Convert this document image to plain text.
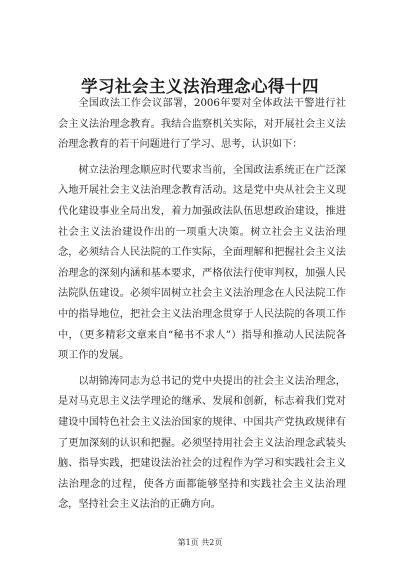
学习社会主义法治理念心得十四

全国政法工作会议部署，2006年要对全体政法干警进行社会主义法治理念教育。我结合监察机关实际，对开展社会主义法治理念教育的若干问题进行了学习、思考，认识如下：

树立法治理念顺应时代要求当前，全国政法系统正在广泛深入地开展社会主义法治理念教育活动。这是党中央从社会主义现代化建设事业全局出发，着力加强政法队伍思想政治建设，推进社会主义法治建设作出的一项重大决策。树立社会主义法治理念，必须结合人民法院的工作实际，全面理解和把握社会主义法治理念的深刻内涵和基本要求，严格依法行使审判权，加强人民法院队伍建设。必须牢固树立社会主义法治理念在人民法院工作中的指导地位，把社会主义法治理念贯穿于人民法院的各项工作中，（更多精彩文章来自“秘书不求人”）指导和推动人民法院各项工作的发展。

以胡锦涛同志为总书记的党中央提出的社会主义法治理念，是对马克思主义法学理论的继承、发展和创新，标志着我们党对建设中国特色社会主义法治国家的规律、中国共产党执政规律有了更加深刻的认识和把握。必须坚持用社会主义法治理念武装头脑、指导实践，把建设法治社会的过程作为学习和实践社会主义法治理念的过程，使各方面都能够坚持和实践社会主义法治理念，坚持社会主义法治的正确方向。

第1页 共2页
